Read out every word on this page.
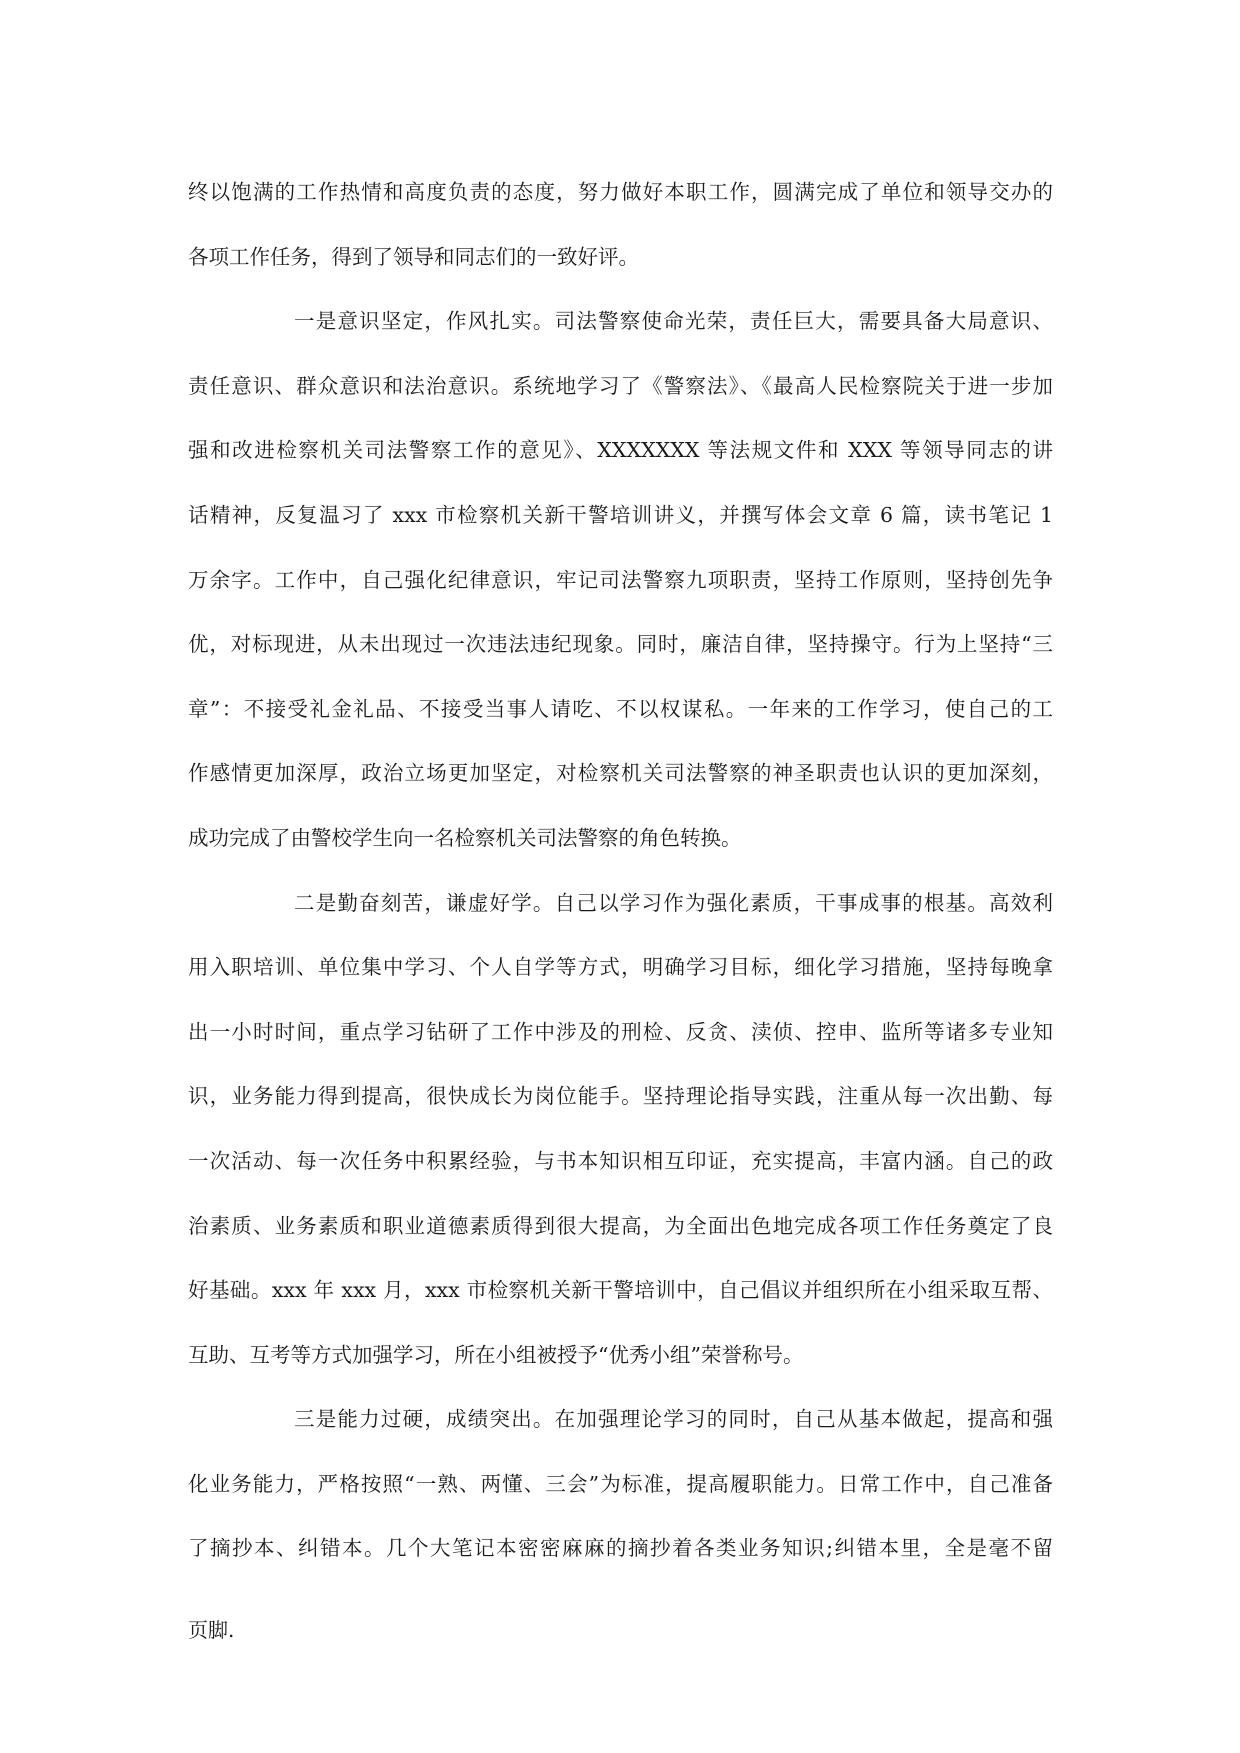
终以饱满的工作热情和高度负责的态度，努力做好本职工作，圆满完成了单位和领导交办的
各项工作任务，得到了领导和同志们的一致好评。
一是意识坚定，作风扎实。司法警察使命光荣，责任巨大，需要具备大局意识、
责任意识、群众意识和法治意识。系统地学习了《警察法》、《最高人民检察院关于进一步加
强和改进检察机关司法警察工作的意见》、XXXXXXX 等法规文件和 XXX 等领导同志的讲
话精神，反复温习了 xxx 市检察机关新干警培训讲义，并撰写体会文章 6 篇，读书笔记 1
万余字。工作中，自己强化纪律意识，牢记司法警察九项职责，坚持工作原则，坚持创先争
优，对标现进，从未出现过一次违法违纪现象。同时，廉洁自律，坚持操守。行为上坚持“三
章”：不接受礼金礼品、不接受当事人请吃、不以权谋私。一年来的工作学习，使自己的工
作感情更加深厚，政治立场更加坚定，对检察机关司法警察的神圣职责也认识的更加深刻，
成功完成了由警校学生向一名检察机关司法警察的角色转换。
二是勤奋刻苦，谦虚好学。自己以学习作为强化素质，干事成事的根基。高效利
用入职培训、单位集中学习、个人自学等方式，明确学习目标，细化学习措施，坚持每晚拿
出一小时时间，重点学习钻研了工作中涉及的刑检、反贪、渎侦、控申、监所等诸多专业知
识，业务能力得到提高，很快成长为岗位能手。坚持理论指导实践，注重从每一次出勤、每
一次活动、每一次任务中积累经验，与书本知识相互印证，充实提高，丰富内涵。自己的政
治素质、业务素质和职业道德素质得到很大提高，为全面出色地完成各项工作任务奠定了良
好基础。xxx 年 xxx 月，xxx 市检察机关新干警培训中，自己倡议并组织所在小组采取互帮、
互助、互考等方式加强学习，所在小组被授予“优秀小组”荣誉称号。
三是能力过硬，成绩突出。在加强理论学习的同时，自己从基本做起，提高和强
化业务能力，严格按照“一熟、两懂、三会”为标准，提高履职能力。日常工作中，自己准备
了摘抄本、纠错本。几个大笔记本密密麻麻的摘抄着各类业务知识;纠错本里，全是毫不留
页脚.
